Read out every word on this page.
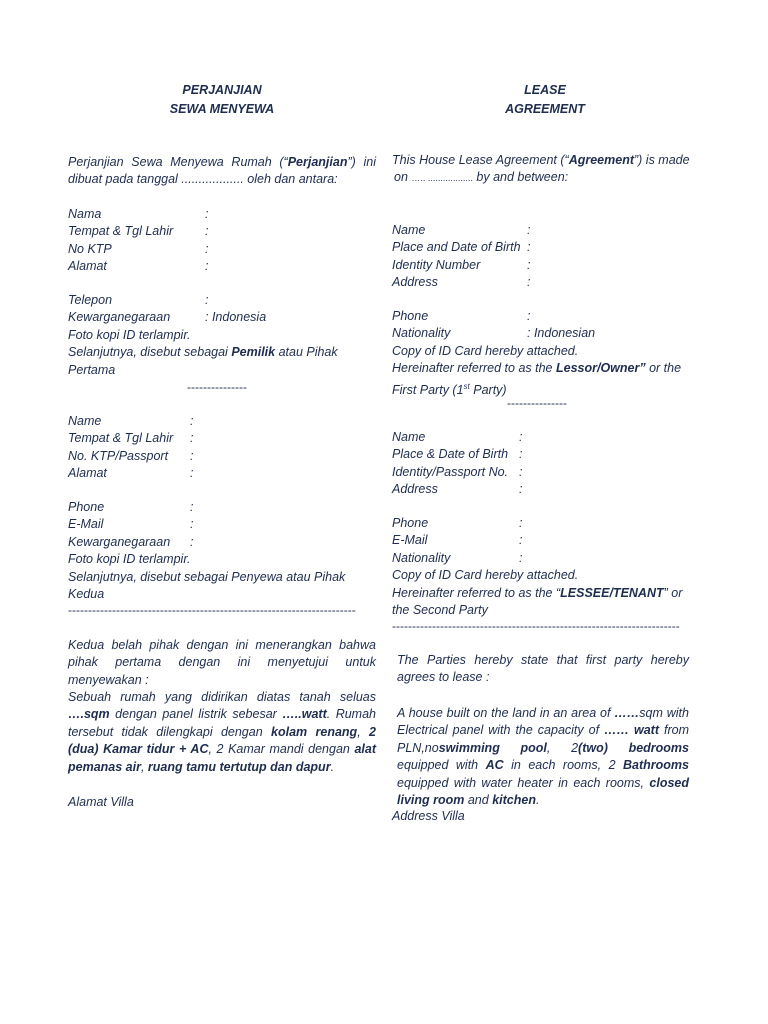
PERJANJIAN
SEWA MENYEWA
Perjanjian Sewa Menyewa Rumah (“Perjanjian”) ini dibuat pada tanggal .................. oleh dan antara:
Nama	:
Tempat & Tgl Lahir	:
No KTP	:
Alamat	:
Telepon	:
Kewarganegaraan	: Indonesia
Foto kopi ID terlampir.
Selanjutnya, disebut sebagai Pemilik atau Pihak Pertama
---------------
Name	:
Tempat & Tgl Lahir	:
No. KTP/Passport	:
Alamat	:
Phone	:
E-Mail	:
Kewarganegaraan	:
Foto kopi ID terlampir.
Selanjutnya, disebut sebagai Penyewa atau Pihak Kedua
------------------------------------------------------------------------
Kedua belah pihak dengan ini menerangkan bahwa pihak pertama dengan ini menyetujui untuk menyewakan :
Sebuah rumah yang didirikan diatas tanah seluas ….sqm dengan panel listrik sebesar …..watt. Rumah tersebut tidak dilengkapi dengan kolam renang, 2 (dua) Kamar tidur + AC, 2 Kamar mandi dengan alat pemanas air, ruang tamu tertutup dan dapur.
Alamat Villa
LEASE
AGREEMENT
This House Lease Agreement (“Agreement”) is made
on ….. .................. by and between:
Name	:
Place and Date of Birth :
Identity Number	:
Address	:
Phone	:
Nationality	: Indonesian
Copy of ID Card hereby attached.
Hereinafter referred to as the Lessor/Owner” or the First Party (1st Party)
---------------
Name	:
Place & Date of Birth :
Identity/Passport No. :
Address	:
Phone	:
E-Mail	:
Nationality	:
Copy of ID Card hereby attached.
Hereinafter referred to as the “LESSEE/TENANT” or the Second Party
------------------------------------------------------------------------
The Parties hereby state that first party hereby agrees to lease :
A house built on the land in an area of ……sqm with Electrical panel with the capacity of …… watt from PLN,noswimming pool, 2(two) bedrooms equipped with AC in each rooms, 2 Bathrooms equipped with water heater in each rooms, closed living room and kitchen.
Address Villa
